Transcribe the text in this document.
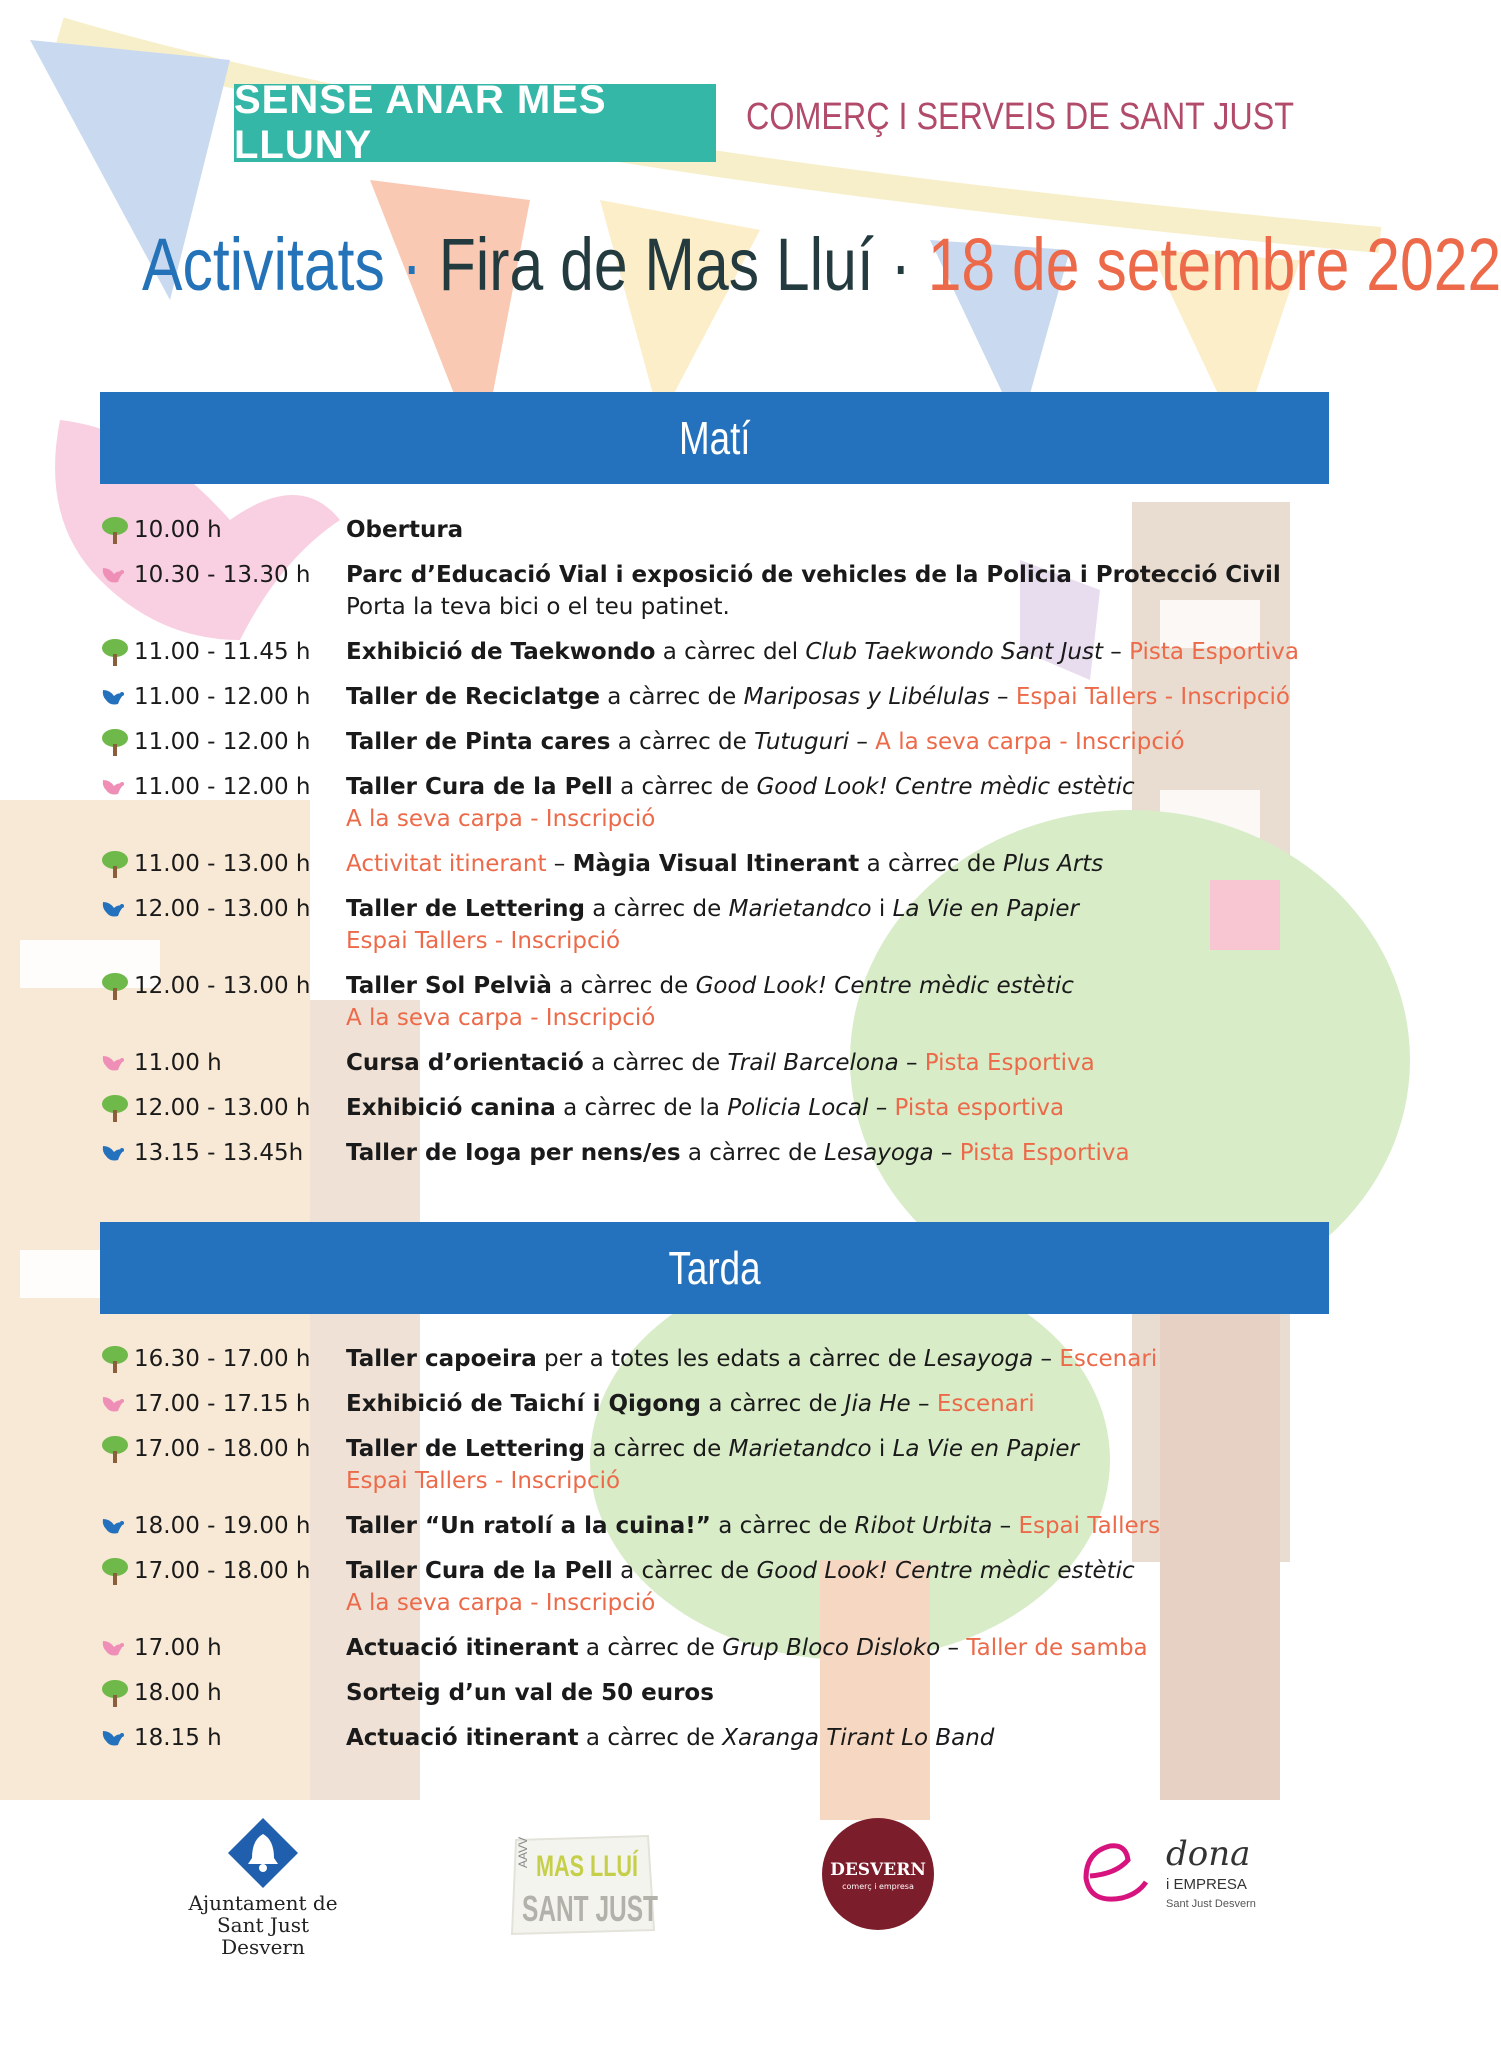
SENSE ANAR MÉS LLUNY
COMERÇ I SERVEIS DE SANT JUST
Activitats · Fira de Mas Lluí · 18 de setembre 2022
Matí
10.00 h	Obertura
10.30 - 13.30 h	Parc d’Educació Vial i exposició de vehicles de la Policia i Protecció Civil
Porta la teva bici o el teu patinet.
11.00 - 11.45 h	Exhibició de Taekwondo a càrrec del Club Taekwondo Sant Just – Pista Esportiva
11.00 - 12.00 h	Taller de Reciclatge a càrrec de Mariposas y Libélulas – Espai Tallers - Inscripció
11.00 - 12.00 h	Taller de Pinta cares a càrrec de Tutuguri – A la seva carpa - Inscripció
11.00 - 12.00 h	Taller Cura de la Pell a càrrec de Good Look! Centre mèdic estètic
A la seva carpa - Inscripció
11.00 - 13.00 h	Activitat itinerant – Màgia Visual Itinerant a càrrec de Plus Arts
12.00 - 13.00 h	Taller de Lettering a càrrec de Marietandco i La Vie en Papier
Espai Tallers - Inscripció
12.00 - 13.00 h	Taller Sol Pelvià a càrrec de Good Look! Centre mèdic estètic
A la seva carpa - Inscripció
11.00 h	Cursa d’orientació a càrrec de Trail Barcelona – Pista Esportiva
12.00 - 13.00 h	Exhibició canina a càrrec de la Policia Local – Pista esportiva
13.15 - 13.45h	Taller de Ioga per nens/es a càrrec de Lesayoga – Pista Esportiva
Tarda
16.30 - 17.00 h	Taller capoeira per a totes les edats a càrrec de Lesayoga – Escenari
17.00 - 17.15 h	Exhibició de Taichí i Qigong a càrrec de Jia He – Escenari
17.00 - 18.00 h	Taller de Lettering a càrrec de Marietandco i La Vie en Papier
Espai Tallers - Inscripció
18.00 - 19.00 h	Taller “Un ratolí a la cuina!” a càrrec de Ribot Urbita – Espai Tallers
17.00 - 18.00 h	Taller Cura de la Pell a càrrec de Good Look! Centre mèdic estètic
A la seva carpa - Inscripció
17.00 h	Actuació itinerant a càrrec de Grup Bloco Disloko – Taller de samba
18.00 h	Sorteig d’un val de 50 euros
18.15 h	Actuació itinerant a càrrec de Xaranga Tirant Lo Band
Ajuntament de
Sant Just Desvern
AAVV MAS LLUÍ
SANT JUST
DESVERN
comerç i empresa
dona
i EMPRESA
Sant Just Desvern
